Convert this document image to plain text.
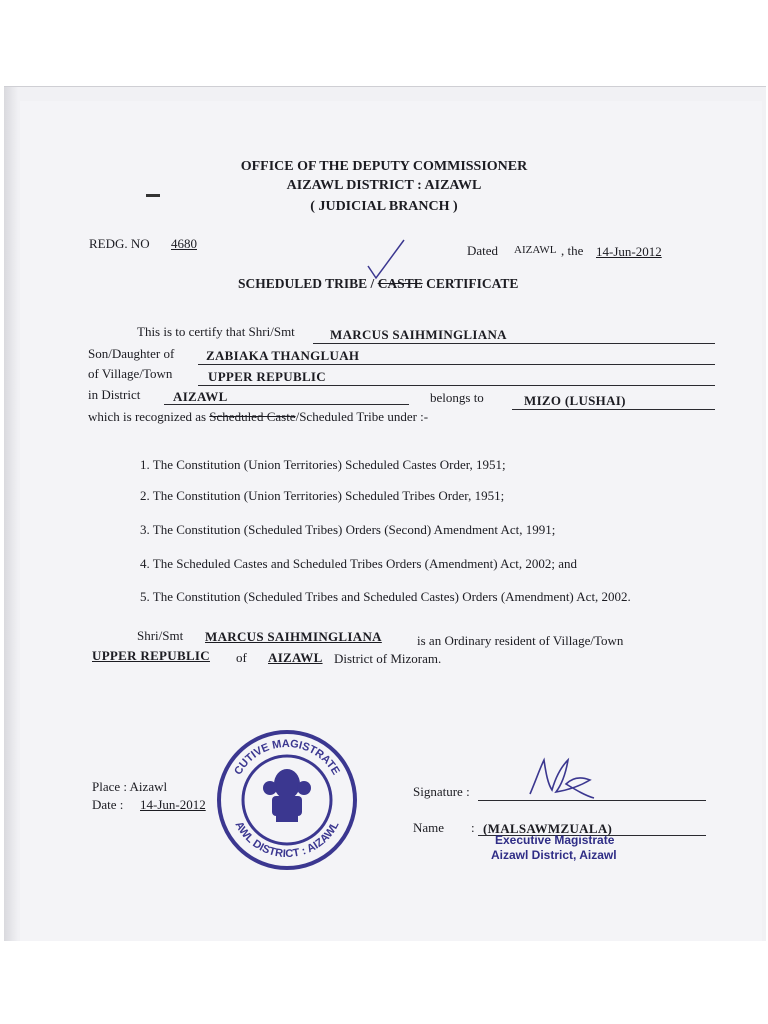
OFFICE OF THE DEPUTY COMMISSIONER
AIZAWL DISTRICT : AIZAWL
( JUDICIAL BRANCH )
REDG. NO 4680	Dated AIZAWL , the 14-Jun-2012
SCHEDULED TRIBE / CASTE CERTIFICATE
This is to certify that Shri/Smt	MARCUS SAIHMINGLIANA
Son/Daughter of ZABIAKA THANGLUAH
of Village/Town	UPPER REPUBLIC
in District	AIZAWL	belongs to	MIZO (LUSHAI)
which is recognized as Scheduled Caste/Scheduled Tribe under :-
1. The Constitution (Union Territories) Scheduled Castes Order, 1951;
2. The Constitution (Union Territories) Scheduled Tribes Order, 1951;
3. The Constitution (Scheduled Tribes) Orders (Second) Amendment Act, 1991;
4. The Scheduled Castes and Scheduled Tribes Orders (Amendment) Act, 2002; and
5. The Constitution (Scheduled Tribes and Scheduled Castes) Orders (Amendment) Act, 2002.
Shri/Smt MARCUS SAIHMINGLIANA	is an Ordinary resident of Village/Town
UPPER REPUBLIC of AIZAWL District of Mizoram.
CUTIVE MAGISTRATE
AWL DISTRICT : AIZAWL
Place : Aizawl
Date : 14-Jun-2012
Signature :
Name : (MALSAWMZUALA)
Executive Magistrate
Aizawl District, Aizawl
